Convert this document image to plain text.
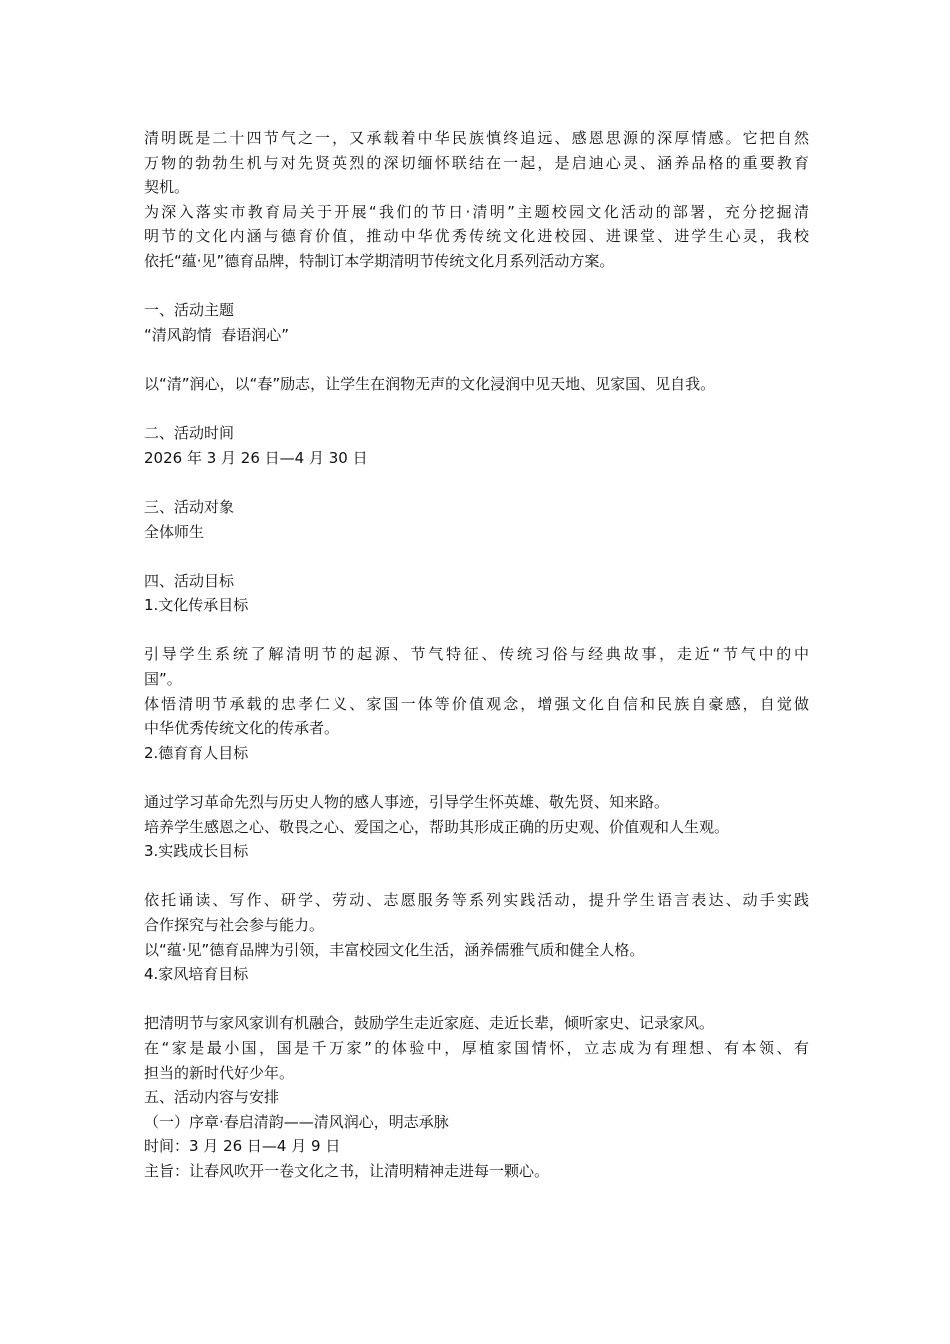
清明既是二十四节气之一，又承载着中华民族慎终追远、感恩思源的深厚情感。它把自然
万物的勃勃生机与对先贤英烈的深切缅怀联结在一起，是启迪心灵、涵养品格的重要教育
契机。
为深入落实市教育局关于开展“我们的节日·清明”主题校园文化活动的部署，充分挖掘清
明节的文化内涵与德育价值，推动中华优秀传统文化进校园、进课堂、进学生心灵，我校
依托“蕴·见”德育品牌，特制订本学期清明节传统文化月系列活动方案。
一、活动主题
“清风韵情  春语润心”
以“清”润心，以“春”励志，让学生在润物无声的文化浸润中见天地、见家国、见自我。
二、活动时间
2026 年 3 月 26 日—4 月 30 日
三、活动对象
全体师生
四、活动目标
1.文化传承目标
引导学生系统了解清明节的起源、节气特征、传统习俗与经典故事，走近“节气中的中
国”。
体悟清明节承载的忠孝仁义、家国一体等价值观念，增强文化自信和民族自豪感，自觉做
中华优秀传统文化的传承者。
2.德育育人目标
通过学习革命先烈与历史人物的感人事迹，引导学生怀英雄、敬先贤、知来路。
培养学生感恩之心、敬畏之心、爱国之心，帮助其形成正确的历史观、价值观和人生观。
3.实践成长目标
依托诵读、写作、研学、劳动、志愿服务等系列实践活动，提升学生语言表达、动手实践
合作探究与社会参与能力。
以“蕴·见”德育品牌为引领，丰富校园文化生活，涵养儒雅气质和健全人格。
4.家风培育目标
把清明节与家风家训有机融合，鼓励学生走近家庭、走近长辈，倾听家史、记录家风。
在“家是最小国，国是千万家”的体验中，厚植家国情怀，立志成为有理想、有本领、有
担当的新时代好少年。
五、活动内容与安排
（一）序章·春启清韵——清风润心，明志承脉
时间：3 月 26 日—4 月 9 日
主旨：让春风吹开一卷文化之书，让清明精神走进每一颗心。
